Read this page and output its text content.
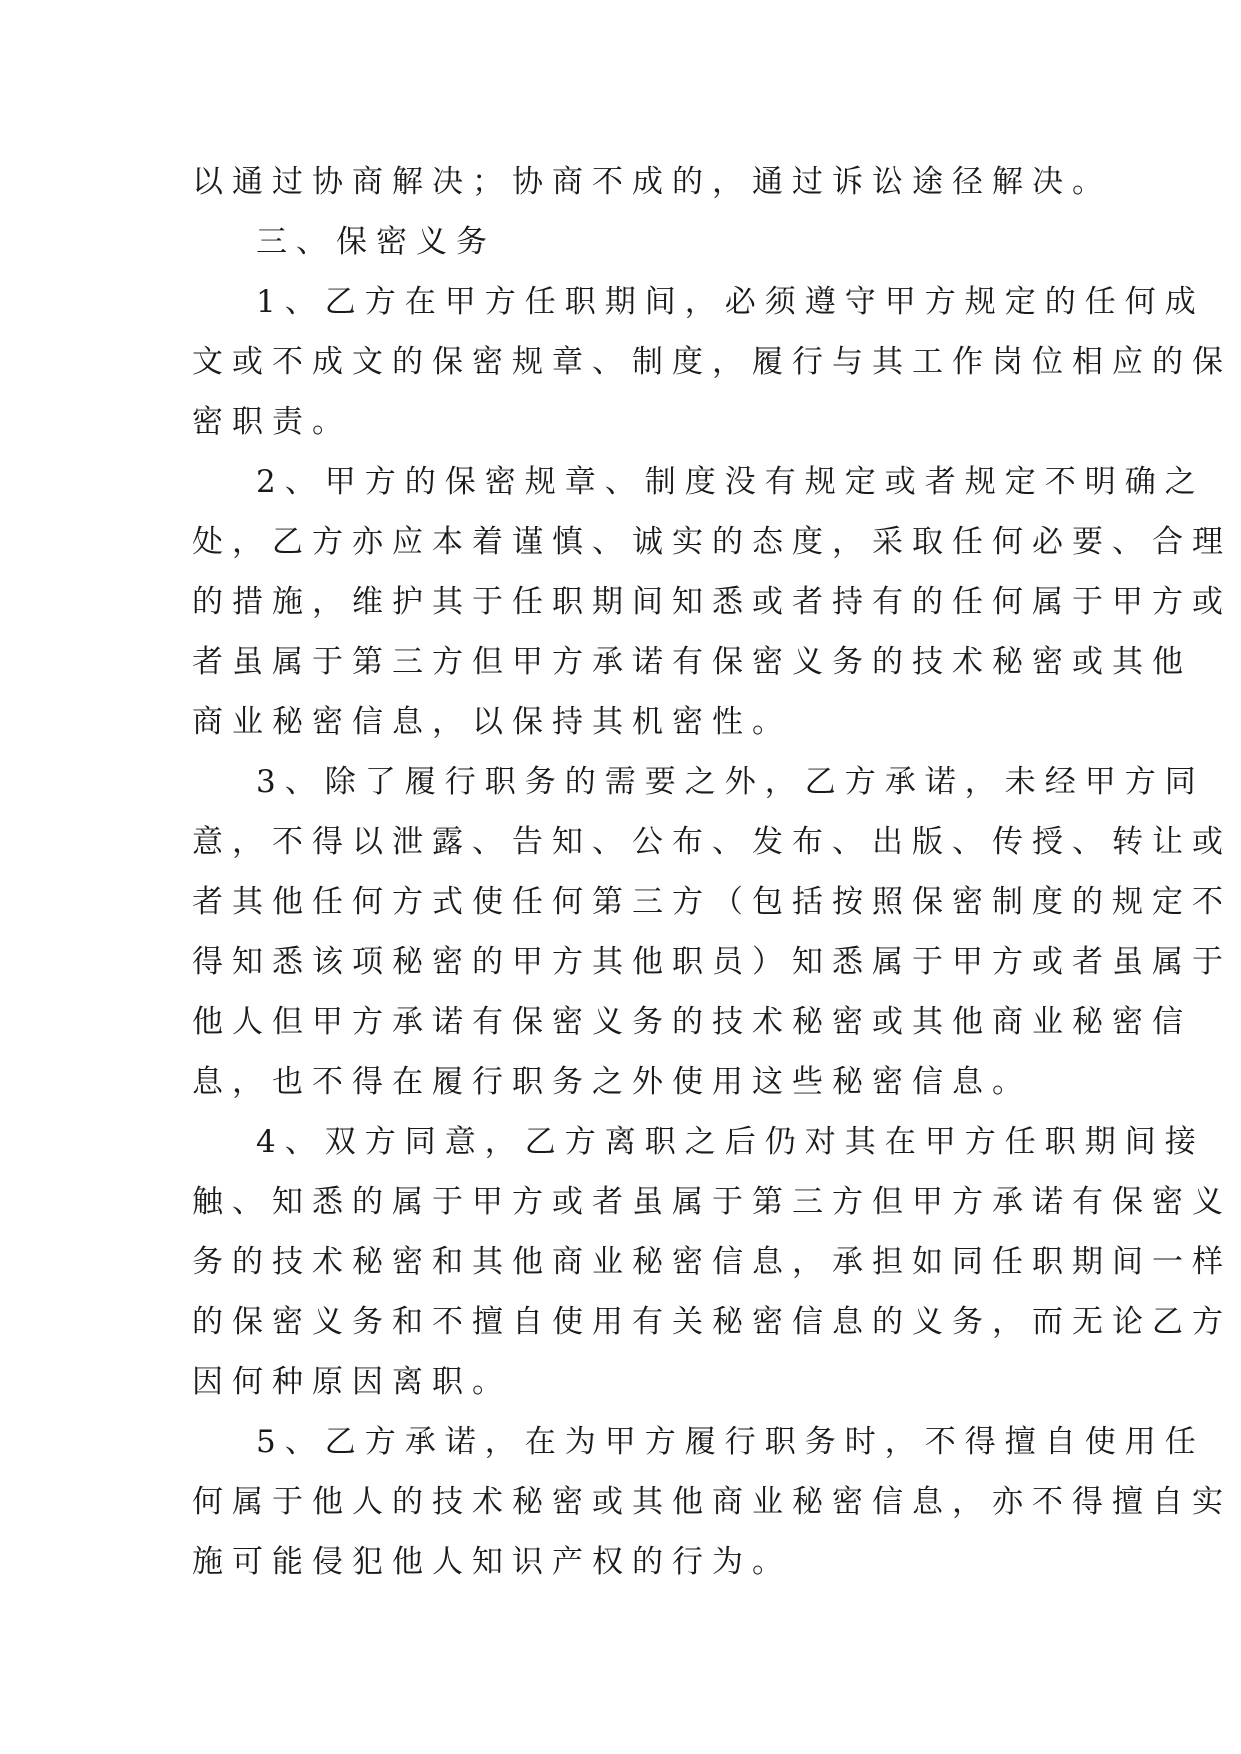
以通过协商解决；协商不成的，通过诉讼途径解决。
三、保密义务
1、乙方在甲方任职期间，必须遵守甲方规定的任何成
文或不成文的保密规章、制度，履行与其工作岗位相应的保
密职责。
2、甲方的保密规章、制度没有规定或者规定不明确之
处，乙方亦应本着谨慎、诚实的态度，采取任何必要、合理
的措施，维护其于任职期间知悉或者持有的任何属于甲方或
者虽属于第三方但甲方承诺有保密义务的技术秘密或其他
商业秘密信息，以保持其机密性。
3、除了履行职务的需要之外，乙方承诺，未经甲方同
意，不得以泄露、告知、公布、发布、出版、传授、转让或
者其他任何方式使任何第三方（包括按照保密制度的规定不
得知悉该项秘密的甲方其他职员）知悉属于甲方或者虽属于
他人但甲方承诺有保密义务的技术秘密或其他商业秘密信
息，也不得在履行职务之外使用这些秘密信息。
4、双方同意，乙方离职之后仍对其在甲方任职期间接
触、知悉的属于甲方或者虽属于第三方但甲方承诺有保密义
务的技术秘密和其他商业秘密信息，承担如同任职期间一样
的保密义务和不擅自使用有关秘密信息的义务，而无论乙方
因何种原因离职。
5、乙方承诺，在为甲方履行职务时，不得擅自使用任
何属于他人的技术秘密或其他商业秘密信息，亦不得擅自实
施可能侵犯他人知识产权的行为。
